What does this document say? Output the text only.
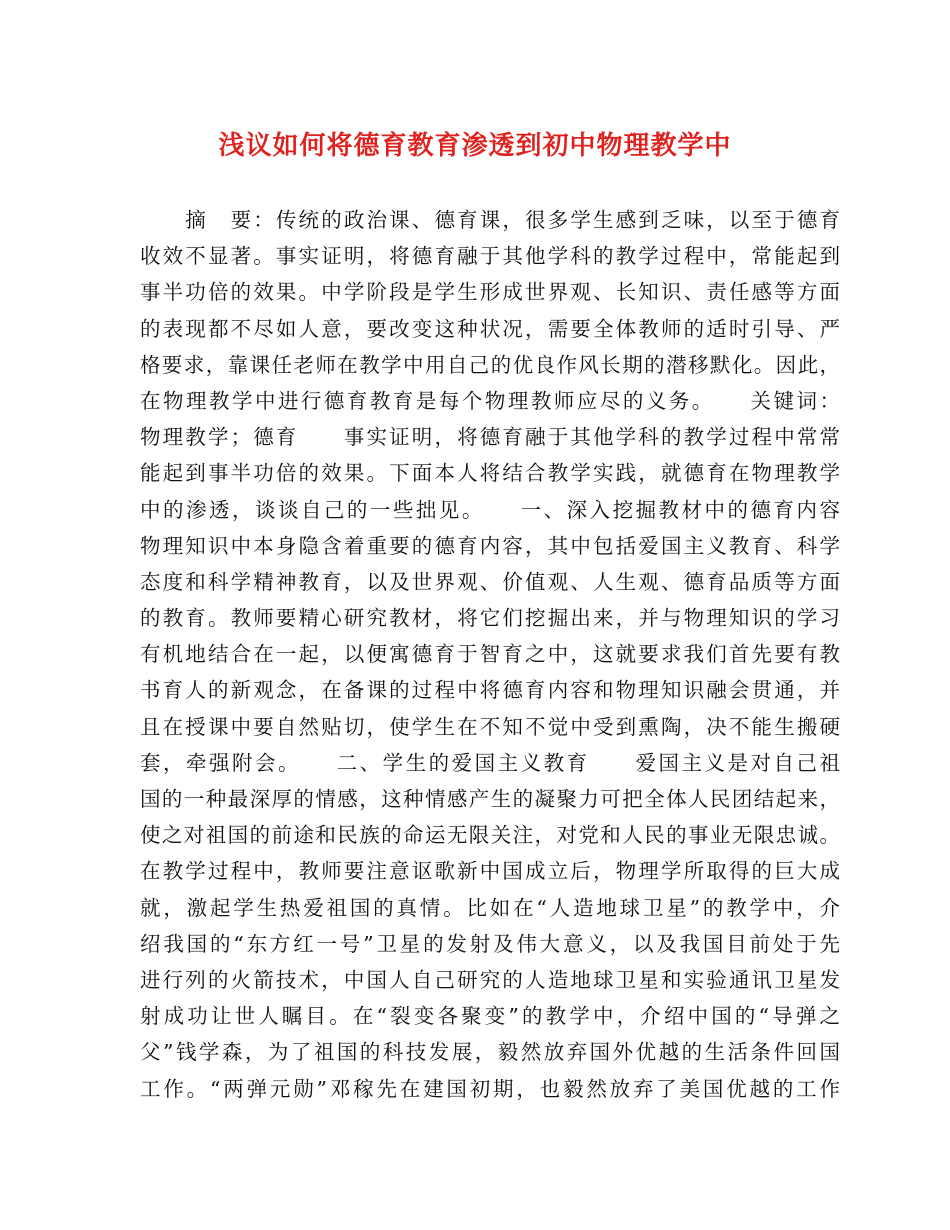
浅议如何将德育教育渗透到初中物理教学中
　　摘　要：传统的政治课、德育课，很多学生感到乏味，以至于德育
收效不显著。事实证明，将德育融于其他学科的教学过程中，常能起到
事半功倍的效果。中学阶段是学生形成世界观、长知识、责任感等方面
的表现都不尽如人意，要改变这种状况，需要全体教师的适时引导、严
格要求，靠课任老师在教学中用自己的优良作风长期的潜移默化。因此，
在物理教学中进行德育教育是每个物理教师应尽的义务。　　关键词：
物理教学；德育　　事实证明，将德育融于其他学科的教学过程中常常
能起到事半功倍的效果。下面本人将结合教学实践，就德育在物理教学
中的渗透，谈谈自己的一些拙见。　　一、深入挖掘教材中的德育内容
物理知识中本身隐含着重要的德育内容，其中包括爱国主义教育、科学
态度和科学精神教育，以及世界观、价值观、人生观、德育品质等方面
的教育。教师要精心研究教材，将它们挖掘出来，并与物理知识的学习
有机地结合在一起，以便寓德育于智育之中，这就要求我们首先要有教
书育人的新观念，在备课的过程中将德育内容和物理知识融会贯通，并
且在授课中要自然贴切，使学生在不知不觉中受到熏陶，决不能生搬硬
套，牵强附会。　　二、学生的爱国主义教育　　爱国主义是对自己祖
国的一种最深厚的情感，这种情感产生的凝聚力可把全体人民团结起来，
使之对祖国的前途和民族的命运无限关注，对党和人民的事业无限忠诚。
在教学过程中，教师要注意讴歌新中国成立后，物理学所取得的巨大成
就，激起学生热爱祖国的真情。比如在“人造地球卫星”的教学中，介
绍我国的“东方红一号”卫星的发射及伟大意义，以及我国目前处于先
进行列的火箭技术，中国人自己研究的人造地球卫星和实验通讯卫星发
射成功让世人瞩目。在“裂变各聚变”的教学中，介绍中国的“导弹之
父”钱学森，为了祖国的科技发展，毅然放弃国外优越的生活条件回国
工作。“两弹元勋”邓稼先在建国初期，也毅然放弃了美国优越的工作
